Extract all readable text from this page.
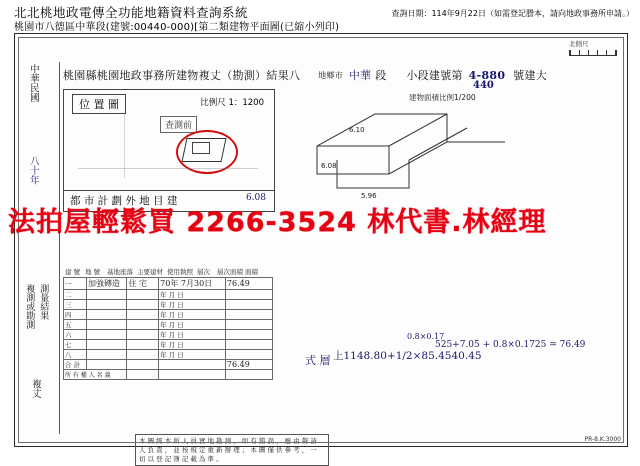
北北桃地政電傳全功能地籍資料查詢系統
桃園市八德區中華段(建號:00440-000)[第二類建物平面圖(已縮小列印)
查詢日期：114年9月22日（如需登記謄本，請向地政事務所申請。）
北側尺
桃園縣桃園地政事務所建物複丈（勘測）結果八 地鄉市 中華 段 小段建號第 4-880 號建大
440
中華民國
八十年
複測或勘測 測量結果
複丈
位 置 圖	比例尺 1：1200
查測前
都 市 計 劃 外 地 目 建	6.08
建物面積比例1/200
6.10
6.08
5.96
建 號 地 號 基地座落 主要建材 使用執照 層次 層次面積 面積
一	加強磚造	住 宅	70年 7月30日	76.49
二			年 月 日	
三			年 月 日	
四			年 月 日	
五			年 月 日	
六			年 月 日	
七			年 月 日	
八			年 月 日	
合 計				76.49
所 有 權 人 名 義				
式 層 上1148.80+1/2×85.4540.45
525+7.05 + 0.8×0.1725 = 76.49
0.8×0.17
本 圖 經 本 所 人 員 實 地 勘 測 ， 如 有 錯 誤 ， 應 由 聲 請 人 負 責 ， 並 按 規 定 重 新 辦 理 ； 本 圖 僅 供 參 考 ， 一 切 以 登 記 簿 記 載 為 準 。
PR-8.K.3000
法拍屋輕鬆買 2266-3524 林代書.林經理
